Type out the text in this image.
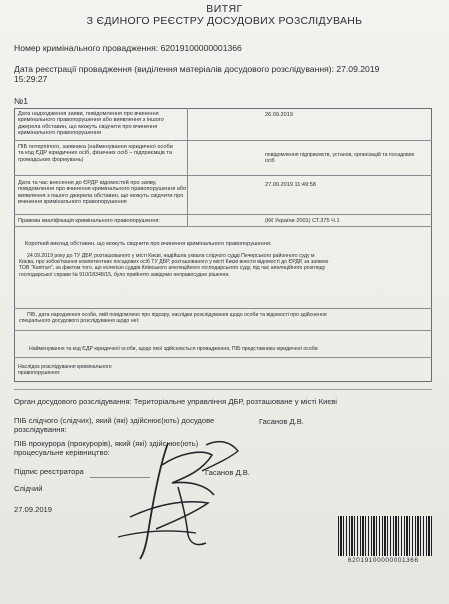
ВИТЯГ
З ЄДИНОГО РЕЄСТРУ ДОСУДОВИХ РОЗСЛІДУВАНЬ
Номер кримінального провадження: 62019100000001366
Дата реєстрації провадження (виділення матеріалів досудового розслідування): 27.09.2019
15:29:27
№1
Дата надходження заяви, повідомлення про вчинення
кримінального правопорушення або виявлення з іншого
джерела обставин, що можуть свідчити про вчинення
кримінального правопорушення
26.09.2019
ПІБ потерпілого, заявника (найменування юридичної особи
та код ЄДР юридичних осіб, фізичних осіб – підприємців та
громадських формувань)
повідомлення підприємств, установ, організацій та посадових
осіб
Дата та час внесення до ЄРДР відомостей про заяву,
повідомлення про вчинення кримінального правопорушення або
виявлення з іншого джерела обставин, що можуть свідчити про
вчинення кримінального правопорушення
27.09.2019 11:49:58
Правова кваліфікація кримінального правопорушення:	(КК України 2001) СТ.375 Ч.1
Короткий виклад обставин, що можуть свідчити про вчинення кримінального правопорушення:
24.09.2019 року до ТУ ДБР, розташованого у місті Києві, надійшла ухвала слідчого судді Печерського районного суду м
Києва, про зобов'язання компетентних посадових осіб ТУ ДБР, розташованого у місті Києві внести відомості до ЄРДР, за заявою
ТОВ "Капітал", за фактом того, що колегією суддів Київського апеляційного господарського суду, під час апеляційного розгляду
господарської справи № 910/18348/15, було прийнято завідомо неправосудне рішення.
ПІБ, дата народження особи, якій повідомлено про підозру, наслідки розслідування щодо особи та відомості про здійснення
спеціального досудового розслідування щодо неї:
Найменування та код ЄДР юридичної особи, щодо якої здійснюється провадження, ПІБ представника юридичної особи
Наслідок розслідування кримінального
правопорушення:
Орган досудового розслідування: Територіальне управління ДБР, розташоване у місті Києві
ПІБ слідчого (слідчих), який (які) здійснює(ють) досудове
розслідування:
Гасанов Д.В.
ПІБ прокурора (прокурорів), який (які) здійснює(ють)
процесуальне керівництво:
Підпис реєстратора	Гасанов Д.В.
Слідчий
27.09.2019
62019100000001366
